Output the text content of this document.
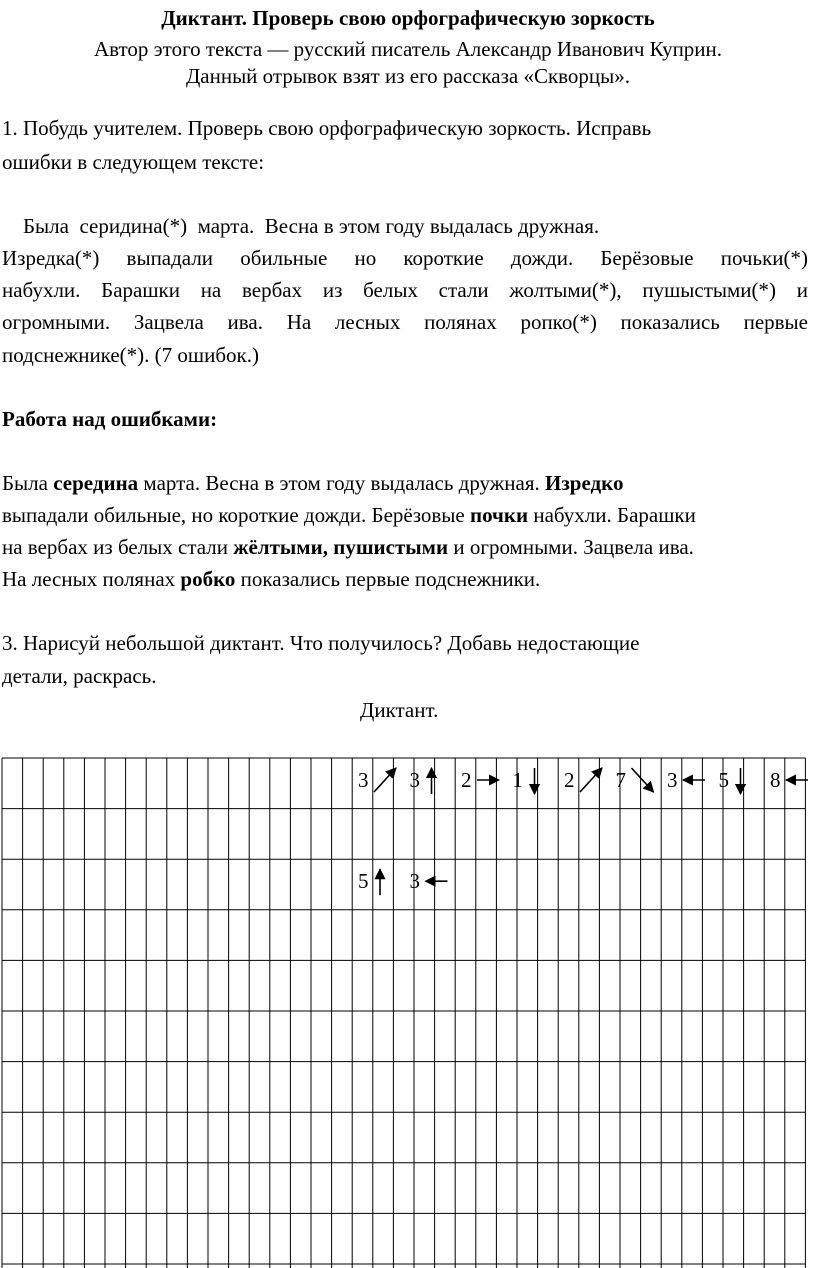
Диктант. Проверь свою орфографическую зоркость
Автор этого текста — русский писатель Александр Иванович Куприн.
Данный отрывок взят из его рассказа «Скворцы».
1. Побудь учителем. Проверь свою орфографическую зоркость. Исправь
ошибки в следующем тексте:
Была  серидина(*)  марта.  Весна в этом году выдалась дружная.
Изредка(*) выпадали обильные но короткие дожди. Берёзовые почьки(*)
набухли. Барашки на вербах из белых стали жолтыми(*), пушыстыми(*) и
огромными. Зацвела ива. На лесных полянах ропко(*) показались первые
подснежнике(*). (7 ошибок.)
Работа над ошибками:
Была середина марта. Весна в этом году выдалась дружная. Изредко
выпадали обильные, но короткие дожди. Берёзовые почки набухли. Барашки
на вербах из белых стали жёлтыми, пушистыми и огромными. Зацвела ива.
На лесных полянах робко показались первые подснежники.
3. Нарисуй небольшой диктант. Что получилось? Добавь недостающие
детали, раскрась.
Диктант.
3 3 2 1 2 7 3 5 8
5 3
